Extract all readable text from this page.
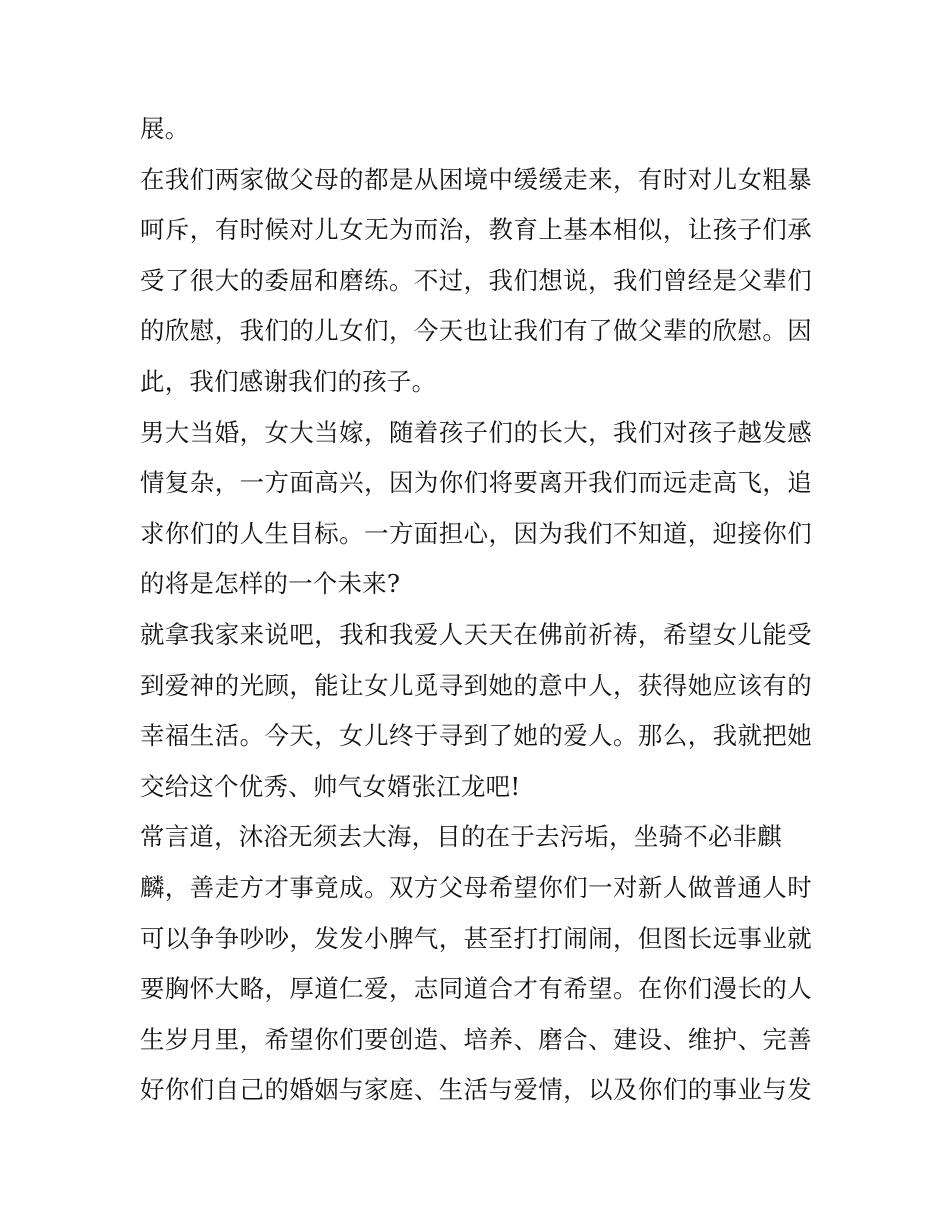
展。
在我们两家做父母的都是从困境中缓缓走来，有时对儿女粗暴
呵斥，有时候对儿女无为而治，教育上基本相似，让孩子们承
受了很大的委屈和磨练。不过，我们想说，我们曾经是父辈们
的欣慰，我们的儿女们，今天也让我们有了做父辈的欣慰。因
此，我们感谢我们的孩子。
男大当婚，女大当嫁，随着孩子们的长大，我们对孩子越发感
情复杂，一方面高兴，因为你们将要离开我们而远走高飞，追
求你们的人生目标。一方面担心，因为我们不知道，迎接你们
的将是怎样的一个未来?
就拿我家来说吧，我和我爱人天天在佛前祈祷，希望女儿能受
到爱神的光顾，能让女儿觅寻到她的意中人，获得她应该有的
幸福生活。今天，女儿终于寻到了她的爱人。那么，我就把她
交给这个优秀、帅气女婿张江龙吧!
常言道，沐浴无须去大海，目的在于去污垢，坐骑不必非麒
麟，善走方才事竟成。双方父母希望你们一对新人做普通人时
可以争争吵吵，发发小脾气，甚至打打闹闹，但图长远事业就
要胸怀大略，厚道仁爱，志同道合才有希望。在你们漫长的人
生岁月里，希望你们要创造、培养、磨合、建设、维护、完善
好你们自己的婚姻与家庭、生活与爱情，以及你们的事业与发
